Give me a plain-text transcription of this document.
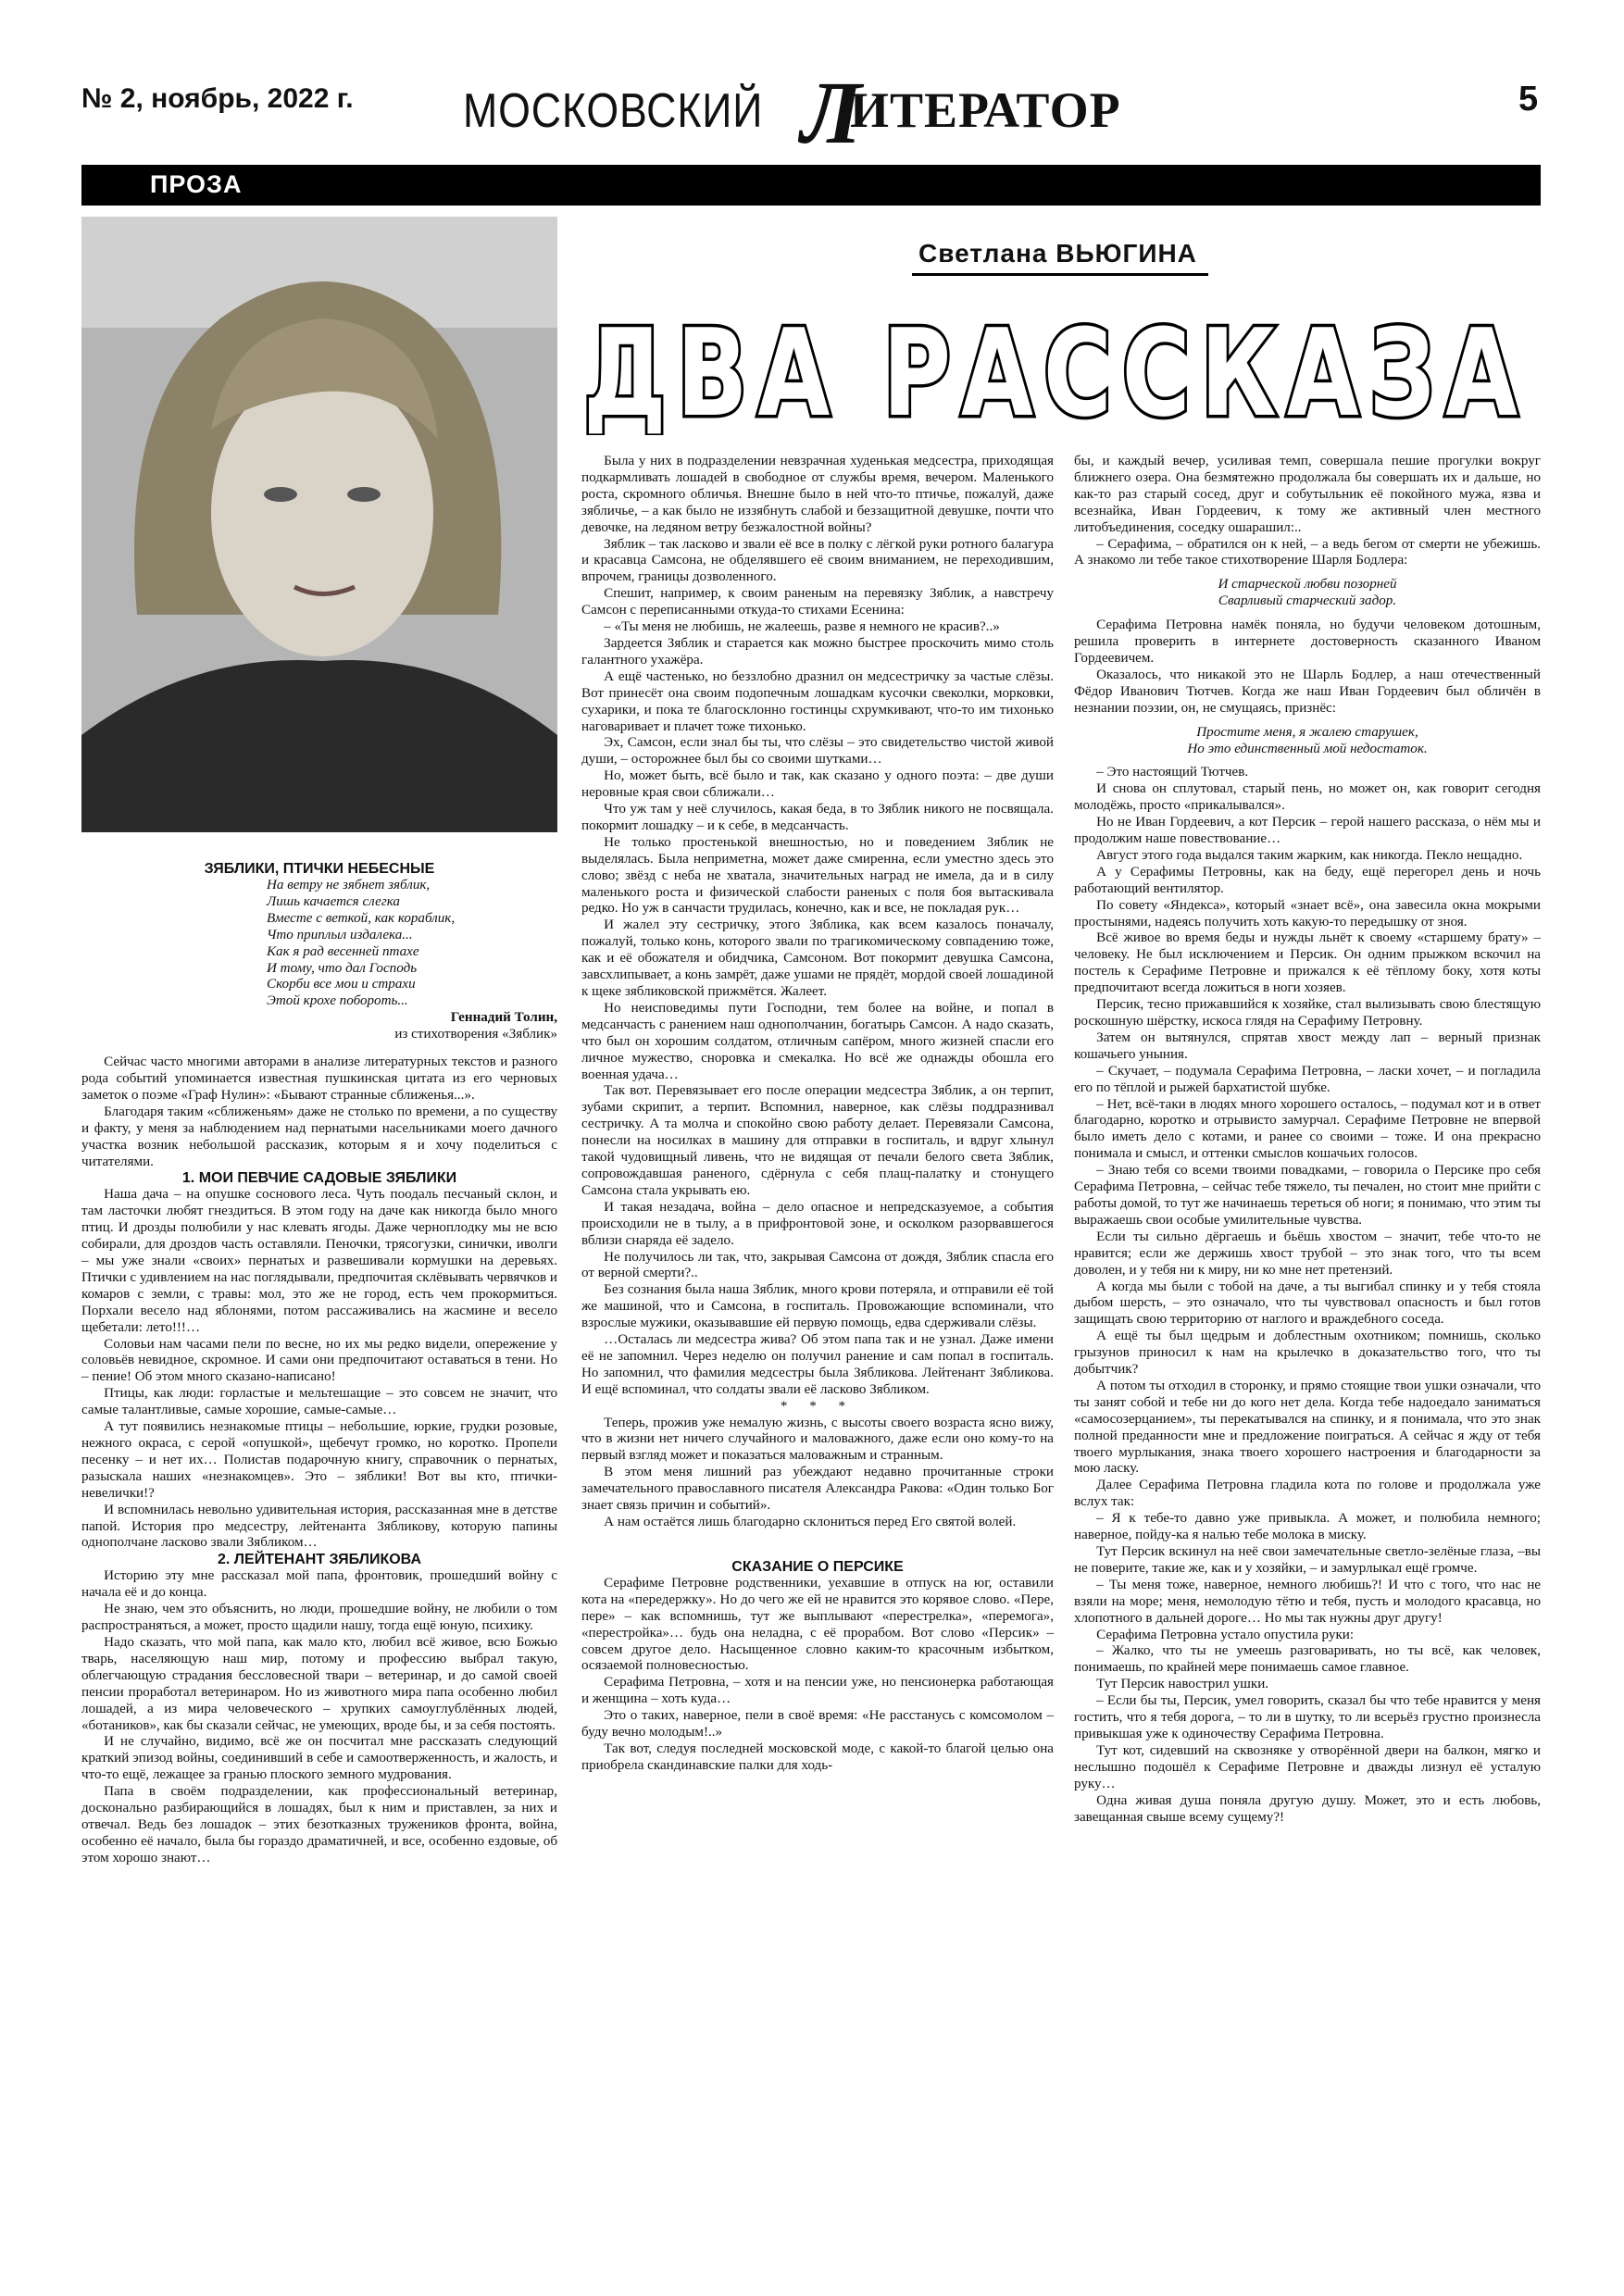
№ 2, ноябрь, 2022 г. МОСКОВСКИЙ Л
ИТЕРАТОР	5
ПРОЗА
Светлана ВЬЮГИНА
ДВА РАССКАЗА

ЗЯБЛИКИ, ПТИЧКИ НЕБЕСНЫЕ

На ветру не зябнет зяблик,

Лишь качается слегка

Вместе с веткой, как кораблик,

Что приплыл издалека...

Как я рад весенней птахе

И тому, что дал Господь

Скорби все мои и страхи

Этой крохе побороть...

Геннадий Толин,

из стихотворения «Зяблик»

Сейчас часто многими авторами в анализе литературных текстов и разного рода событий упоминается известная пушкинская цитата из его черновых заметок о поэме «Граф Нулин»: «Бывают странные сближенья...».

Благодаря таким «сближеньям» даже не столько по времени, а по существу и факту, у меня за наблюдением над пернатыми насельниками моего дачного участка возник небольшой рассказик, которым я и хочу поделиться с читателями.

1. МОИ ПЕВЧИЕ САДОВЫЕ ЗЯБЛИКИ

Наша дача – на опушке соснового леса. Чуть поодаль песчаный склон, и там ласточки любят гнездиться. В этом году на даче как никогда было много птиц. И дрозды полюбили у нас клевать ягоды. Даже черноплодку мы не всю собирали, для дроздов часть оставляли. Пеночки, трясогузки, синички, иволги – мы уже знали «своих» пернатых и развешивали кормушки на деревьях. Птички с удивлением на нас поглядывали, предпочитая склёвывать червячков и комаров с земли, с травы: мол, это же не город, есть чем прокормиться. Порхали весело над яблонями, потом рассаживались на жасмине и весело щебетали: лето!!!…

Соловьи нам часами пели по весне, но их мы редко видели, опережение у соловьёв невидное, скромное. И сами они предпочитают оставаться в тени. Но – пение! Об этом много сказано-написано!

Птицы, как люди: горластые и мельтешащие – это совсем не значит, что самые талантливые, самые хорошие, самые-самые…

А тут появились незнакомые птицы – небольшие, юркие, грудки розовые, нежного окраса, с серой «опушкой», щебечут громко, но коротко. Пропели песенку – и нет их… Полистав подарочную книгу, справочник о пернатых, разыскала наших «незнакомцев». Это – зяблики! Вот вы кто, птички-невелички!?

И вспомнилась невольно удивительная история, рассказанная мне в детстве папой. История про медсестру, лейтенанта Зябликову, которую папины однополчане ласково звали Зябликом…

2. ЛЕЙТЕНАНТ ЗЯБЛИКОВА

Историю эту мне рассказал мой папа, фронтовик, прошедший войну с начала её и до конца.

Не знаю, чем это объяснить, но люди, прошедшие войну, не любили о том распространяться, а может, просто щадили нашу, тогда ещё юную, психику.

Надо сказать, что мой папа, как мало кто, любил всё живое, всю Божью тварь, населяющую наш мир, потому и профессию выбрал такую, облегчающую страдания бессловесной твари – ветеринар, и до самой своей пенсии проработал ветеринаром. Но из животного мира папа особенно любил лошадей, а из мира человеческого – хрупких самоуглублённых людей, «ботаников», как бы сказали сейчас, не умеющих, вроде бы, и за себя постоять.

И не случайно, видимо, всё же он посчитал мне рассказать следующий краткий эпизод войны, соединивший в себе и самоотверженность, и жалость, и что-то ещё, лежащее за гранью плоского земного мудрования.

Папа в своём подразделении, как профессиональный ветеринар, досконально разбирающийся в лошадях, был к ним и приставлен, за них и отвечал. Ведь без лошадок – этих безотказных тружеников фронта, война, особенно её начало, была бы гораздо драматичней, и все, особенно ездовые, об этом хорошо знают…

Была у них в подразделении невзрачная худенькая медсестра, приходящая подкармливать лошадей в свободное от службы время, вечером. Маленького роста, скромного обличья. Внешне было в ней что-то птичье, пожалуй, даже зябличье, – а как было не иззябнуть слабой и беззащитной девушке, почти что девочке, на ледяном ветру безжалостной войны?

Зяблик – так ласково и звали её все в полку с лёгкой руки ротного балагура и красавца Самсона, не обделявшего её своим вниманием, не переходившим, впрочем, границы дозволенного.

Спешит, например, к своим раненым на перевязку Зяблик, а навстречу Самсон с переписанными откуда-то стихами Есенина:

– «Ты меня не любишь, не жалеешь, разве я немного не красив?..»

Зардеется Зяблик и старается как можно быстрее проскочить мимо столь галантного ухажёра.

А ещё частенько, но беззлобно дразнил он медсестричку за частые слёзы. Вот принесёт она своим подопечным лошадкам кусочки свеколки, морковки, сухарики, и пока те благосклонно гостинцы схрумкивают, что-то им тихонько наговаривает и плачет тоже тихонько.

Эх, Самсон, если знал бы ты, что слёзы – это свидетельство чистой живой души, – осторожнее был бы со своими шутками…

Но, может быть, всё было и так, как сказано у одного поэта: – две души неровные края свои сближали…

Что уж там у неё случилось, какая беда, в то Зяблик никого не посвящала. покормит лошадку – и к себе, в медсанчасть.

Не только простенькой внешностью, но и поведением Зяблик не выделялась. Была неприметна, может даже смиренна, если уместно здесь это слово; звёзд с неба не хватала, значительных наград не имела, да и в силу маленького роста и физической слабости раненых с поля боя вытаскивала редко. Но уж в санчасти трудилась, конечно, как и все, не покладая рук…

И жалел эту сестричку, этого Зяблика, как всем казалось поначалу, пожалуй, только конь, которого звали по трагикомическому совпадению тоже, как и её обожателя и обидчика, Самсоном. Вот покормит девушка Самсона, завсхлипывает, а конь замрёт, даже ушами не прядёт, мордой своей лошадиной к щеке зябликовской прижмётся. Жалеет.

Но неисповедимы пути Господни, тем более на войне, и попал в медсанчасть с ранением наш однополчанин, богатырь Самсон. А надо сказать, что был он хорошим солдатом, отличным сапёром, много жизней спасли его личное мужество, сноровка и смекалка. Но всё же однажды обошла его военная удача…

Так вот. Перевязывает его после операции медсестра Зяблик, а он терпит, зубами скрипит, а терпит. Вспомнил, наверное, как слёзы поддразнивал сестричку. А та молча и спокойно свою работу делает. Перевязали Самсона, понесли на носилках в машину для отправки в госпиталь, и вдруг хлынул такой чудовищный ливень, что не видящая от печали белого света Зяблик, сопровождавшая раненого, сдёрнула с себя плащ-палатку и стонущего Самсона стала укрывать ею.

И такая незадача, война – дело опасное и непредсказуемое, а события происходили не в тылу, а в прифронтовой зоне, и осколком разорвавшегося вблизи снаряда её задело.

Не получилось ли так, что, закрывая Самсона от дождя, Зяблик спасла его от верной смерти?..

Без сознания была наша Зяблик, много крови потеряла, и отправили её той же машиной, что и Самсона, в госпиталь. Провожающие вспоминали, что взрослые мужики, оказывавшие ей первую помощь, едва сдерживали слёзы.

…Осталась ли медсестра жива? Об этом папа так и не узнал. Даже имени её не запомнил. Через неделю он получил ранение и сам попал в госпиталь. Но запомнил, что фамилия медсестры была Зябликова. Лейтенант Зябликова. И ещё вспоминал, что солдаты звали её ласково Зябликом.

* * *

Теперь, прожив уже немалую жизнь, с высоты своего возраста ясно вижу, что в жизни нет ничего случайного и маловажного, даже если оно кому-то на первый взгляд может и показаться маловажным и странным.

В этом меня лишний раз убеждают недавно прочитанные строки замечательного православного писателя Александра Ракова: «Один только Бог знает связь причин и событий».

А нам остаётся лишь благодарно склониться перед Его святой волей.

СКАЗАНИЕ О ПЕРСИКЕ

Серафиме Петровне родственники, уехавшие в отпуск на юг, оставили кота на «передержку». Но до чего же ей не нравится это корявое слово. «Пере, пере» – как вспомнишь, тут же выплывают «перестрелка», «перемога», «перестройка»… будь она неладна, с её прорабом. Вот слово «Персик» – совсем другое дело. Насыщенное словно каким-то красочным избытком, осязаемой полновесностью.

Серафима Петровна, – хотя и на пенсии уже, но пенсионерка работающая и женщина – хоть куда…

Это о таких, наверное, пели в своё время: «Не расстанусь с комсомолом – буду вечно молодым!..»

Так вот, следуя последней московской моде, с какой-то благой целью она приобрела скандинавские палки для ходь-

бы, и каждый вечер, усиливая темп, совершала пешие прогулки вокруг ближнего озера. Она безмятежно продолжала бы совершать их и дальше, но как-то раз старый сосед, друг и собутыльник её покойного мужа, язва и всезнайка, Иван Гордеевич, к тому же активный член местного литобъединения, соседку ошарашил:..

– Серафима, – обратился он к ней, – а ведь бегом от смерти не убежишь. А знакомо ли тебе такое стихотворение Шарля Бодлера:

И старческой любви позорней

Сварливый старческий задор.

Серафима Петровна намёк поняла, но будучи человеком дотошным, решила проверить в интернете достоверность сказанного Иваном Гордеевичем.

Оказалось, что никакой это не Шарль Бодлер, а наш отечественный Фёдор Иванович Тютчев. Когда же наш Иван Гордеевич был обличён в незнании поэзии, он, не смущаясь, признёс:

Простите меня, я жалею старушек,

Но это единственный мой недостаток.

– Это настоящий Тютчев.

И снова он сплутовал, старый пень, но может он, как говорит сегодня молодёжь, просто «прикалывался».

Но не Иван Гордеевич, а кот Персик – герой нашего рассказа, о нём мы и продолжим наше повествование…

Август этого года выдался таким жарким, как никогда. Пекло нещадно.

А у Серафимы Петровны, как на беду, ещё перегорел день и ночь работающий вентилятор.

По совету «Яндекса», который «знает всё», она завесила окна мокрыми простынями, надеясь получить хоть какую-то передышку от зноя.

Всё живое во время беды и нужды льнёт к своему «старшему брату» – человеку. Не был исключением и Персик. Он одним прыжком вскочил на постель к Серафиме Петровне и прижался к её тёплому боку, хотя коты предпочитают всегда ложиться в ноги хозяев.

Персик, тесно прижавшийся к хозяйке, стал вылизывать свою блестящую роскошную шёрстку, искоса глядя на Серафиму Петровну.

Затем он вытянулся, спрятав хвост между лап – верный признак кошачьего уныния.

– Скучает, – подумала Серафима Петровна, – ласки хочет, – и погладила его по тёплой и рыжей бархатистой шубке.

– Нет, всё-таки в людях много хорошего осталось, – подумал кот и в ответ благодарно, коротко и отрывисто замурчал. Серафиме Петровне не впервой было иметь дело с котами, и ранее со своими – тоже. И она прекрасно понимала и смысл, и оттенки смыслов кошачьих голосов.

– Знаю тебя со всеми твоими повадками, – говорила о Персике про себя Серафима Петровна, – сейчас тебе тяжело, ты печален, но стоит мне прийти с работы домой, то тут же начинаешь тереться об ноги; я понимаю, что этим ты выражаешь свои особые умилительные чувства.

Если ты сильно дёргаешь и бьёшь хвостом – значит, тебе что-то не нравится; если же держишь хвост трубой – это знак того, что ты всем доволен, и у тебя ни к миру, ни ко мне нет претензий.

А когда мы были с тобой на даче, а ты выгибал спинку и у тебя стояла дыбом шерсть, – это означало, что ты чувствовал опасность и был готов защищать свою территорию от наглого и враждебного соседа.

А ещё ты был щедрым и доблестным охотником; помнишь, сколько грызунов приносил к нам на крылечко в доказательство того, что ты добытчик?

А потом ты отходил в сторонку, и прямо стоящие твои ушки означали, что ты занят собой и тебе ни до кого нет дела. Когда тебе надоедало заниматься «самосозерцанием», ты перекатывался на спинку, и я понимала, что это знак полной преданности мне и предложение поиграться. А сейчас я жду от тебя твоего мурлыкания, знака твоего хорошего настроения и благодарности за мою ласку.

Далее Серафима Петровна гладила кота по голове и продолжала уже вслух так:

– Я к тебе-то давно уже привыкла. А может, и полюбила немного; наверное, пойду-ка я налью тебе молока в миску.

Тут Персик вскинул на неё свои замечательные светло-зелёные глаза, –вы не поверите, такие же, как и у хозяйки, – и замурлыкал ещё громче.

– Ты меня тоже, наверное, немного любишь?! И что с того, что нас не взяли на море; меня, немолодую тётю и тебя, пусть и молодого красавца, но хлопотного в дальней дороге… Но мы так нужны друг другу!

Серафима Петровна устало опустила руки:

– Жалко, что ты не умеешь разговаривать, но ты всё, как человек, понимаешь, по крайней мере понимаешь самое главное.

Тут Персик навострил ушки.

– Если бы ты, Персик, умел говорить, сказал бы что тебе нравится у меня гостить, что я тебя дорога, – то ли в шутку, то ли всерьёз грустно произнесла привыкшая уже к одиночеству Серафима Петровна.

Тут кот, сидевший на сквозняке у отворённой двери на балкон, мягко и неслышно подошёл к Серафиме Петровне и дважды лизнул её усталую руку…

Одна живая душа поняла другую душу. Может, это и есть любовь, завещанная свыше всему сущему?!
